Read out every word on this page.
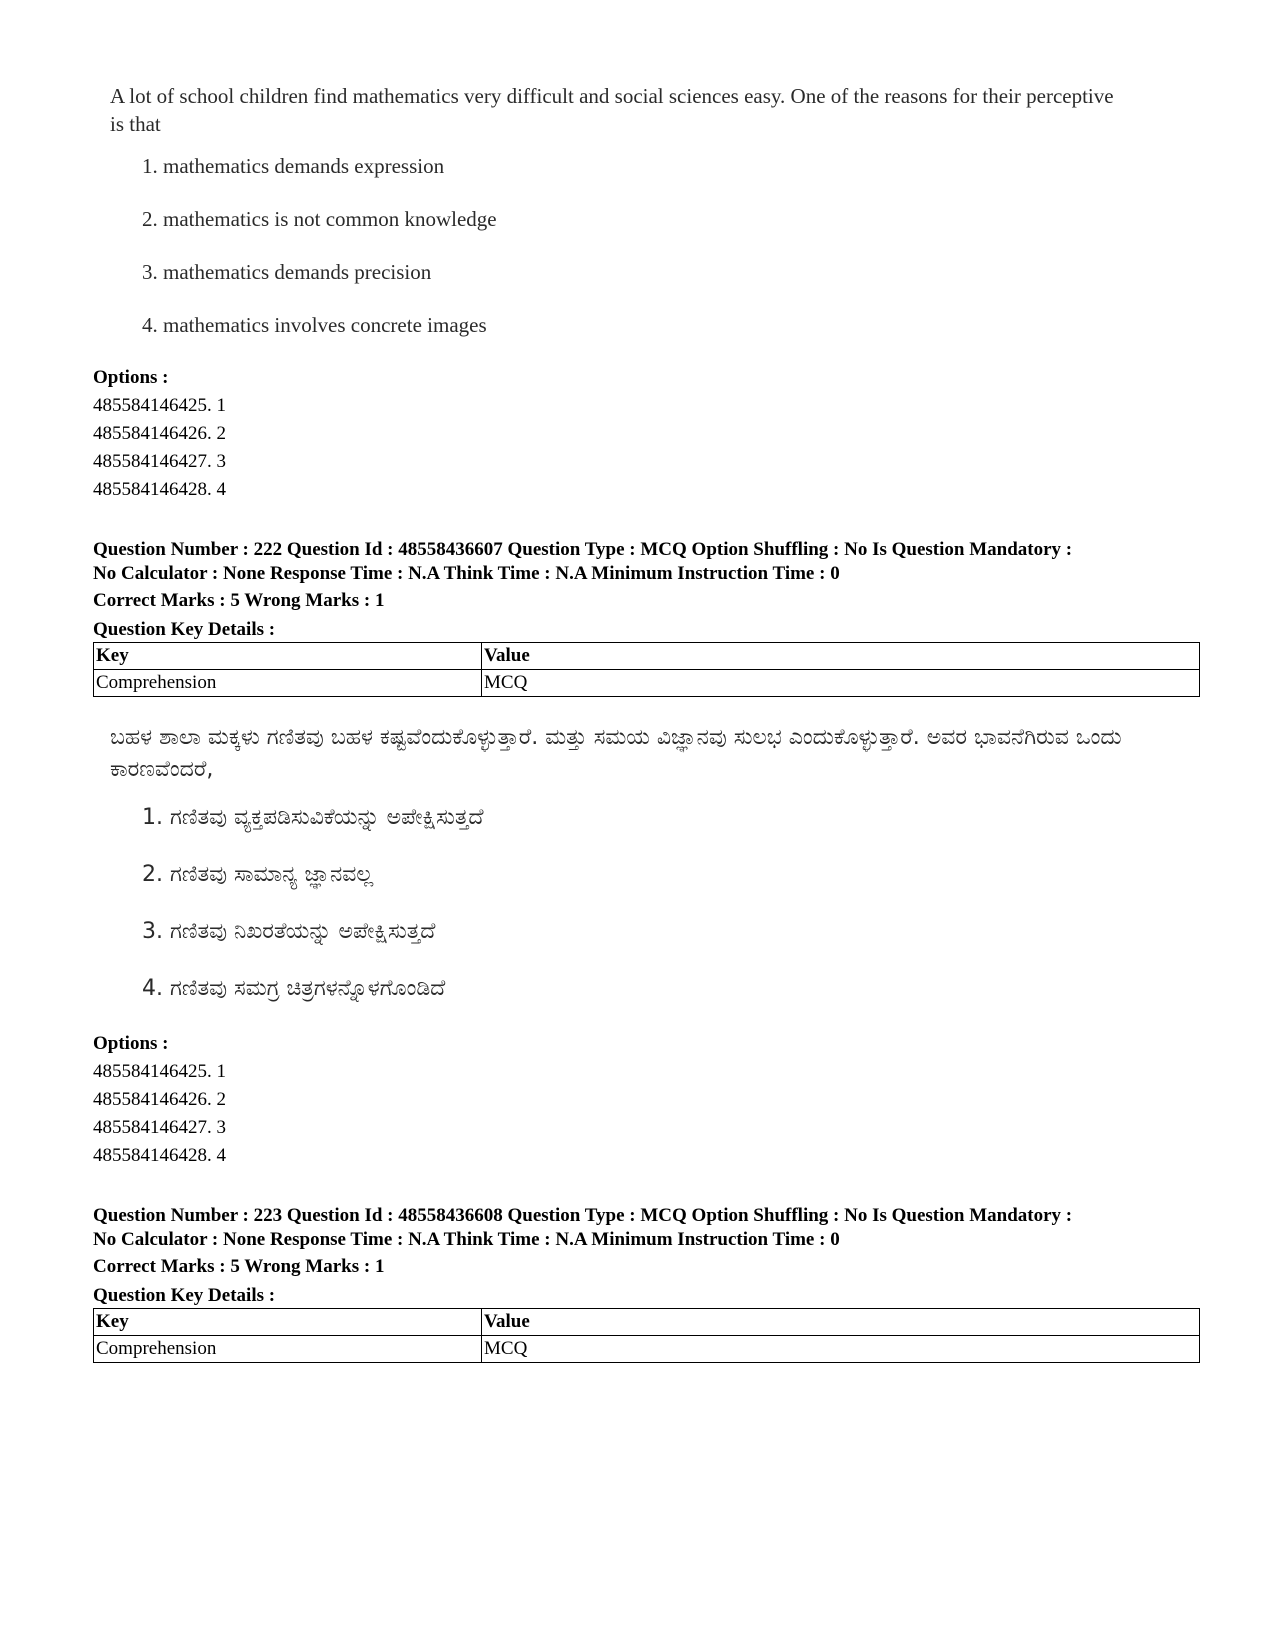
A lot of school children find mathematics very difficult and social sciences easy. One of the reasons for their perceptive is that

1. mathematics demands expression

2. mathematics is not common knowledge

3. mathematics demands precision

4. mathematics involves concrete images

Options :
485584146425. 1
485584146426. 2
485584146427. 3
485584146428. 4

Question Number : 222 Question Id : 48558436607 Question Type : MCQ Option Shuffling : No Is Question Mandatory :

No Calculator : None Response Time : N.A Think Time : N.A Minimum Instruction Time : 0

Correct Marks : 5 Wrong Marks : 1

Question Key Details :

Key	Value
Comprehension	MCQ

ಬಹಳ ಶಾಲಾ ಮಕ್ಕಳು ಗಣಿತವು ಬಹಳ ಕಷ್ಟವೆಂದುಕೊಳ್ಳುತ್ತಾರೆ. ಮತ್ತು ಸಮಯ ವಿಜ್ಞಾನವು ಸುಲಭ ಎಂದುಕೊಳ್ಳುತ್ತಾರೆ. ಅವರ ಭಾವನೆಗಿರುವ ಒಂದು ಕಾರಣವೆಂದರೆ,

1. ಗಣಿತವು ವ್ಯಕ್ತಪಡಿಸುವಿಕೆಯನ್ನು ಅಪೇಕ್ಷಿಸುತ್ತದೆ

2. ಗಣಿತವು ಸಾಮಾನ್ಯ ಜ್ಞಾನವಲ್ಲ

3. ಗಣಿತವು ನಿಖರತೆಯನ್ನು ಅಪೇಕ್ಷಿಸುತ್ತದೆ

4. ಗಣಿತವು ಸಮಗ್ರ ಚಿತ್ರಗಳನ್ನೊಳಗೊಂಡಿದೆ

Options :
485584146425. 1
485584146426. 2
485584146427. 3
485584146428. 4

Question Number : 223 Question Id : 48558436608 Question Type : MCQ Option Shuffling : No Is Question Mandatory :

No Calculator : None Response Time : N.A Think Time : N.A Minimum Instruction Time : 0

Correct Marks : 5 Wrong Marks : 1

Question Key Details :

Key	Value
Comprehension	MCQ
